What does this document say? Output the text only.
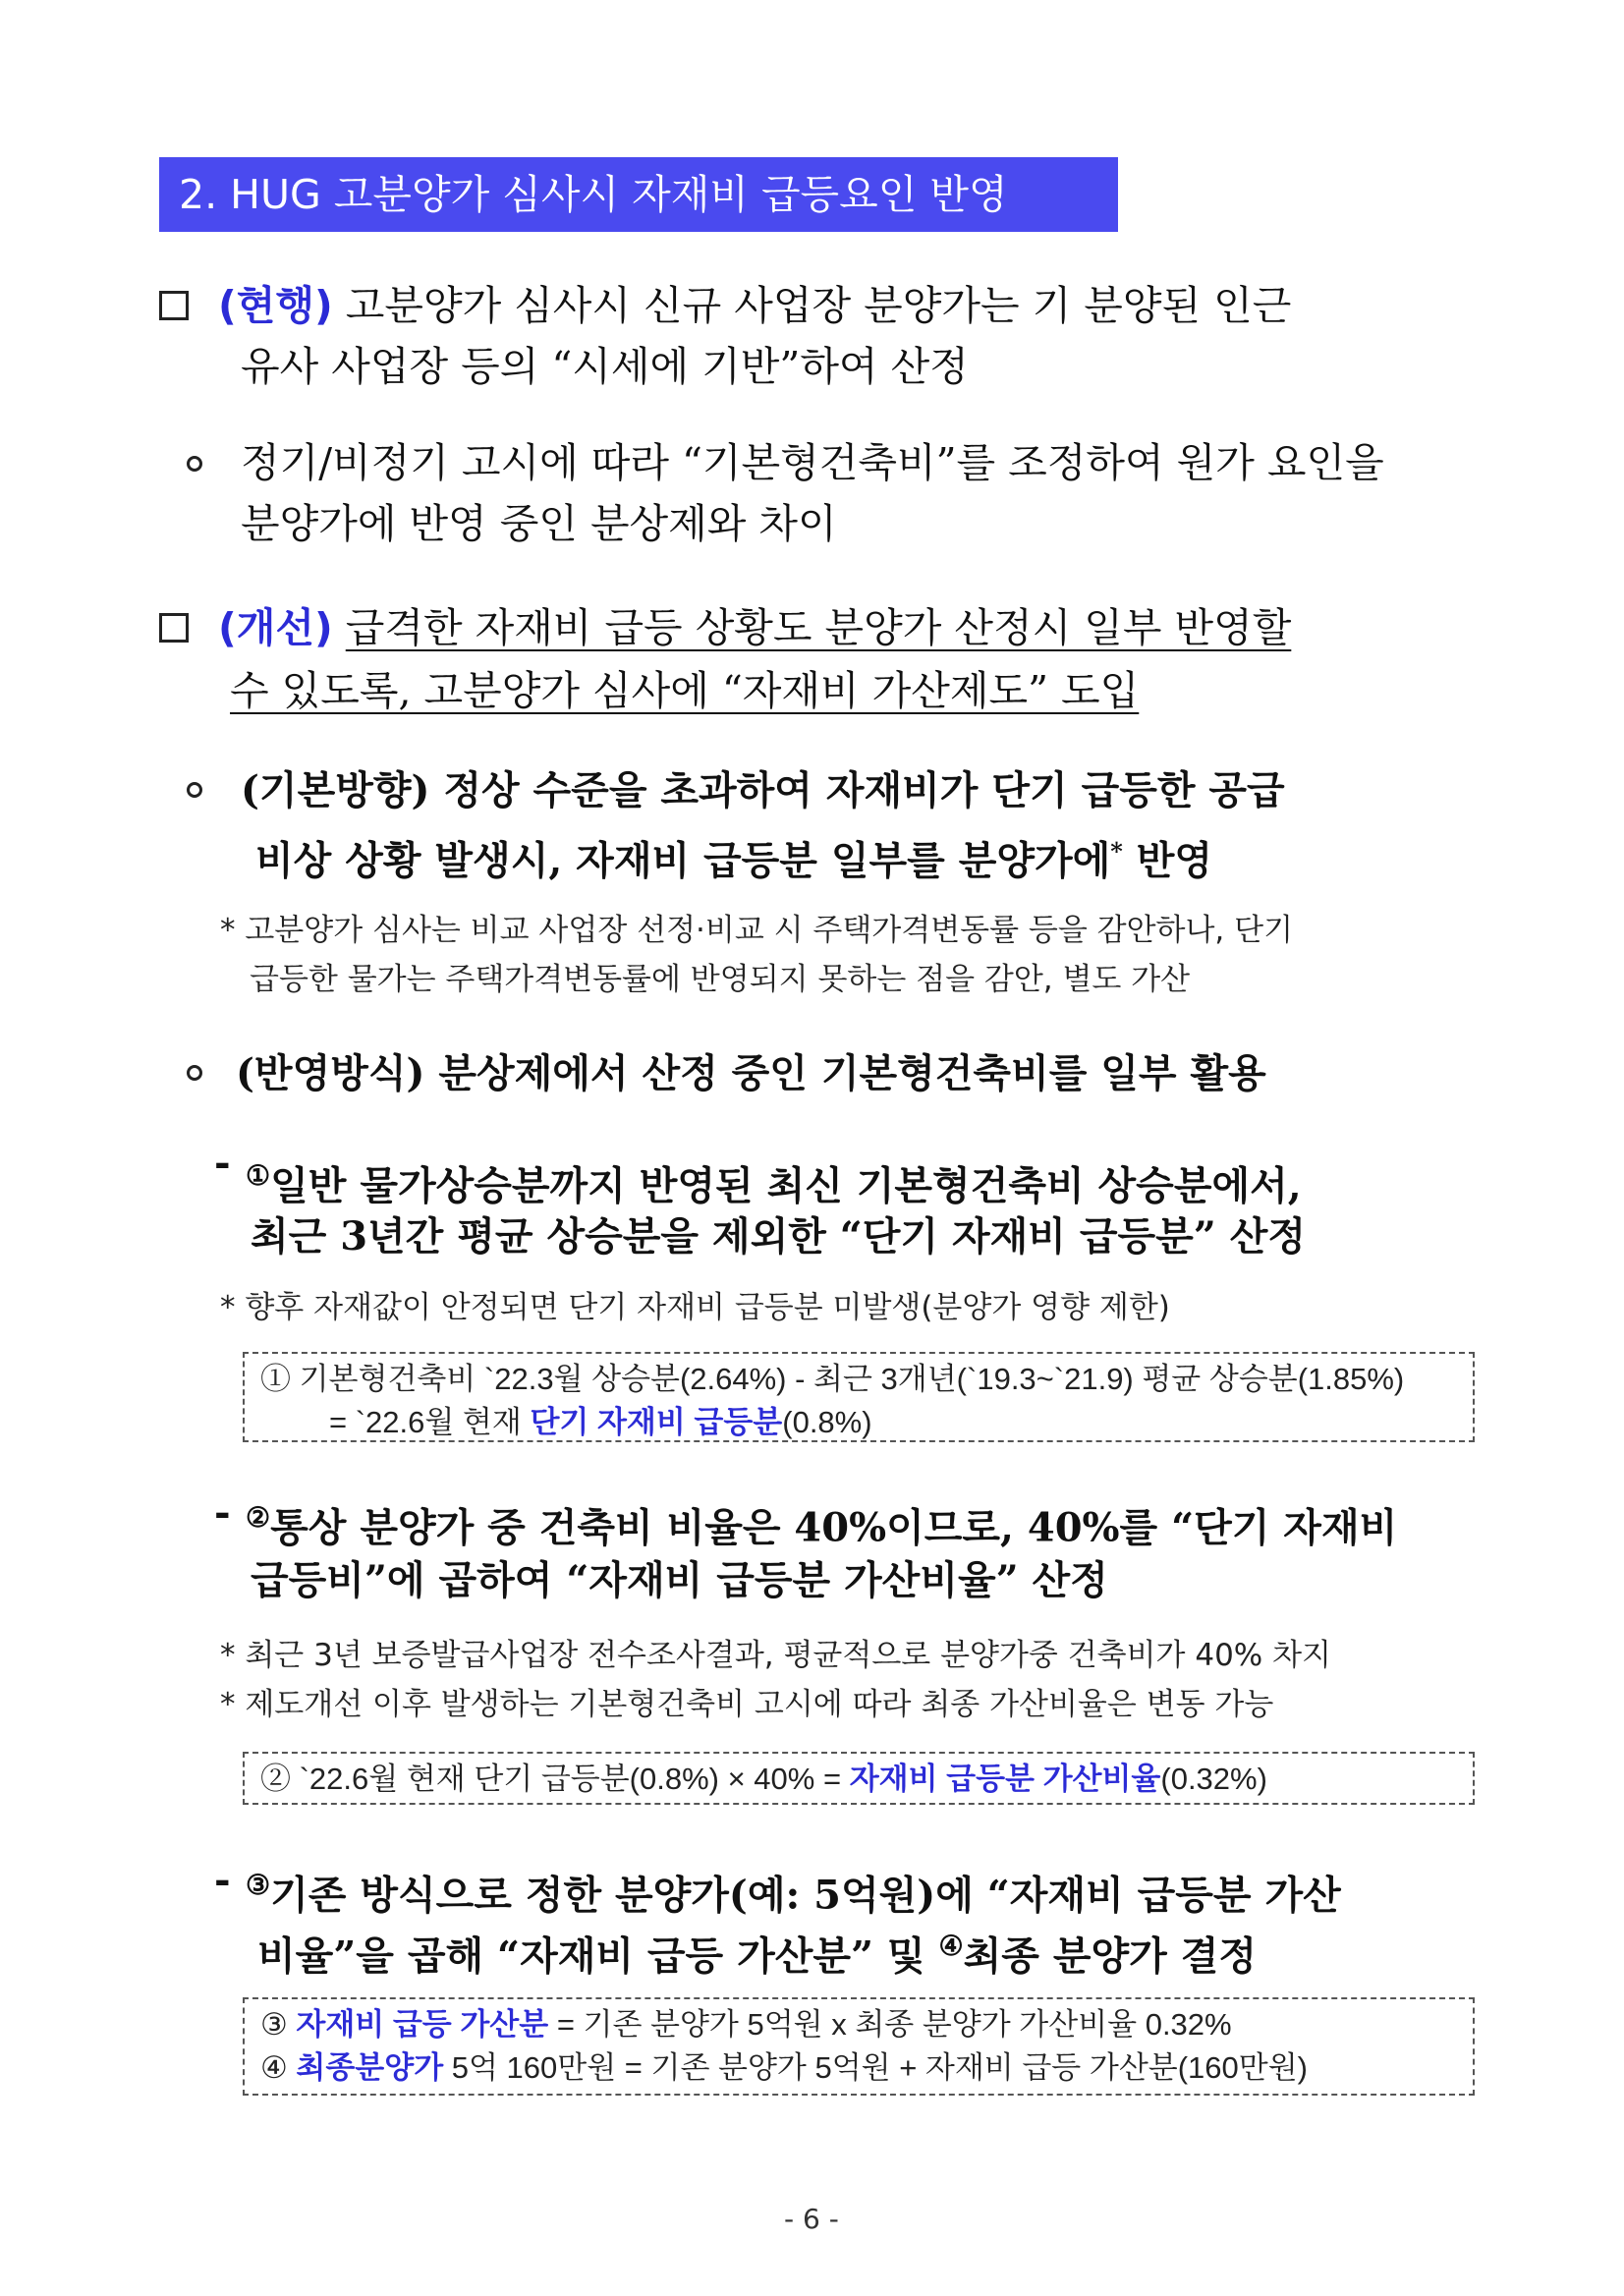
2. HUG 고분양가 심사시 자재비 급등요인 반영
(현행) 고분양가 심사시 신규 사업장 분양가는 기 분양된 인근
유사 사업장 등의 “시세에 기반”하여 산정
정기/비정기 고시에 따라 “기본형건축비”를 조정하여 원가 요인을
분양가에 반영 중인 분상제와 차이
(개선) 급격한 자재비 급등 상황도 분양가 산정시 일부 반영할
수 있도록, 고분양가 심사에 “자재비 가산제도” 도입
(기본방향) 정상 수준을 초과하여 자재비가 단기 급등한 공급
비상 상황 발생시, 자재비 급등분 일부를 분양가에* 반영
* 고분양가 심사는 비교 사업장 선정·비교 시 주택가격변동률 등을 감안하나, 단기
급등한 물가는 주택가격변동률에 반영되지 못하는 점을 감안, 별도 가산
(반영방식) 분상제에서 산정 중인 기본형건축비를 일부 활용
- ①일반 물가상승분까지 반영된 최신 기본형건축비 상승분에서,
최근 3년간 평균 상승분을 제외한 “단기 자재비 급등분” 산정
* 향후 자재값이 안정되면 단기 자재비 급등분 미발생(분양가 영향 제한)
① 기본형건축비 `22.3월 상승분(2.64%) - 최근 3개년(`19.3~`21.9) 평균 상승분(1.85%)
= `22.6월 현재 단기 자재비 급등분(0.8%)
- ②통상 분양가 중 건축비 비율은 40%이므로, 40%를 “단기 자재비
급등비”에 곱하여 “자재비 급등분 가산비율” 산정
* 최근 3년 보증발급사업장 전수조사결과, 평균적으로 분양가중 건축비가 40% 차지
* 제도개선 이후 발생하는 기본형건축비 고시에 따라 최종 가산비율은 변동 가능
② `22.6월 현재 단기 급등분(0.8%) × 40% = 자재비 급등분 가산비율(0.32%)
- ③기존 방식으로 정한 분양가(예: 5억원)에 “자재비 급등분 가산
비율”을 곱해 “자재비 급등 가산분” 및 ④최종 분양가 결정
③ 자재비 급등 가산분 = 기존 분양가 5억원 x 최종 분양가 가산비율 0.32%
④ 최종분양가 5억 160만원 = 기존 분양가 5억원 + 자재비 급등 가산분(160만원)
- 6 -
